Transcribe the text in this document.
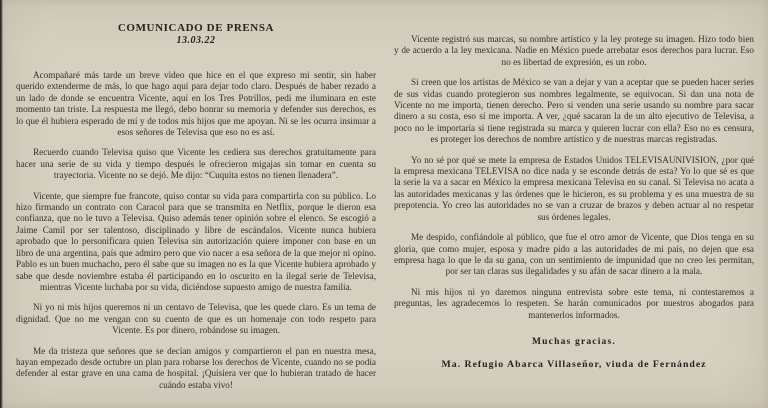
COMUNICADO DE PRENSA
13.03.22

Acompañaré más tarde un breve video que hice en el que expreso mi sentir, sin haber querido extenderme de más, lo que hago aquí para dejar todo claro. Después de haber rezado a un lado de donde se encuentra Vicente, aquí en los Tres Potrillos, pedí me iluminara en este momento tan triste. La respuesta me llegó, debo honrar su memoria y defender sus derechos, es lo que él hubiera esperado de mí y de todos mis hijos que me apoyan. Ni se les ocurra insinuar a esos señores de Televisa que eso no es así.

Recuerdo cuando Televisa quiso que Vicente les cediera sus derechos gratuitamente para hacer una serie de su vida y tiempo después le ofrecieron migajas sin tomar en cuenta su trayectoria. Vicente no se dejó. Me dijo: “Cuquita estos no tienen llenadera”.

Vicente, que siempre fue francote, quiso contar su vida para compartirla con su público. Lo hizo firmando un contrato con Caracol para que se transmita en Netflix, porque le dieron esa confianza, que no le tuvo a Televisa. Quiso además tener opinión sobre el elenco. Se escogió a Jaime Camil por ser talentoso, disciplinado y libre de escándalos. Vicente nunca hubiera aprobado que lo personificara quien Televisa sin autorización quiere imponer con base en un libro de una argentina, país que admiro pero que vio nacer a esa señora de la que mejor ni opino. Pablo es un buen muchacho, pero él sabe que su imagen no es la que Vicente hubiera aprobado y sabe que desde noviembre estaba él participando en lo oscurito en la ilegal serie de Televisa, mientras Vicente luchaba por su vida, diciéndose supuesto amigo de nuestra familia.

Ni yo ni mis hijos queremos ni un centavo de Televisa, que les quede claro. Es un tema de dignidad. Que no me vengan con su cuento de que es un homenaje con todo respeto para Vicente. Es por dinero, robándose su imagen.

Me da tristeza que señores que se decían amigos y compartieron el pan en nuestra mesa, hayan empezado desde octubre un plan para robarse los derechos de Vicente, cuando no se podía defender al estar grave en una cama de hospital. ¡Quisiera ver que lo hubieran tratado de hacer cuándo estaba vivo!

Vicente registró sus marcas, su nombre artístico y la ley protege su imagen. Hizo todo bien y de acuerdo a la ley mexicana. Nadie en México puede arrebatar esos derechos para lucrar. Eso no es libertad de expresión, es un robo.

Si creen que los artistas de México se van a dejar y van a aceptar que se pueden hacer series de sus vidas cuando protegieron sus nombres legalmente, se equivocan. Si dan una nota de Vicente no me importa, tienen derecho. Pero si venden una serie usando su nombre para sacar dinero a su costa, eso sí me importa. A ver, ¿qué sacaran la de un alto ejecutivo de Televisa, a poco no le importaría si tiene registrada su marca y quieren lucrar con ella? Eso no es censura, es proteger los derechos de nombre artístico y de nuestras marcas registradas.

Yo no sé por qué se mete la empresa de Estados Unidos TELEVISAUNIVISION, ¿por qué la empresa mexicana TELEVISA no dice nada y se esconde detrás de esta? Yo lo que sé es que la serie la va a sacar en México la empresa mexicana Televisa en su canal. Si Televisa no acata a las autoridades mexicanas y las órdenes que le hicieron, es su problema y es una muestra de su prepotencia. Yo creo las autoridades no se van a cruzar de brazos y deben actuar al no respetar sus órdenes legales.

Me despido, confiándole al público, que fue el otro amor de Vicente, que Dios tenga en su gloria, que como mujer, esposa y madre pido a las autoridades de mi país, no dejen que esa empresa haga lo que le da su gana, con un sentimiento de impunidad que no creo les permitan, por ser tan claras sus ilegalidades y su afán de sacar dinero a la mala.

Ni mis hijos ni yo daremos ninguna entrevista sobre este tema, ni contestaremos a preguntas, les agradecemos lo respeten. Se harán comunicados por nuestros abogados para mantenerlos informados.

Muchas gracias.
Ma. Refugio Abarca Villaseñor, viuda de Fernández
